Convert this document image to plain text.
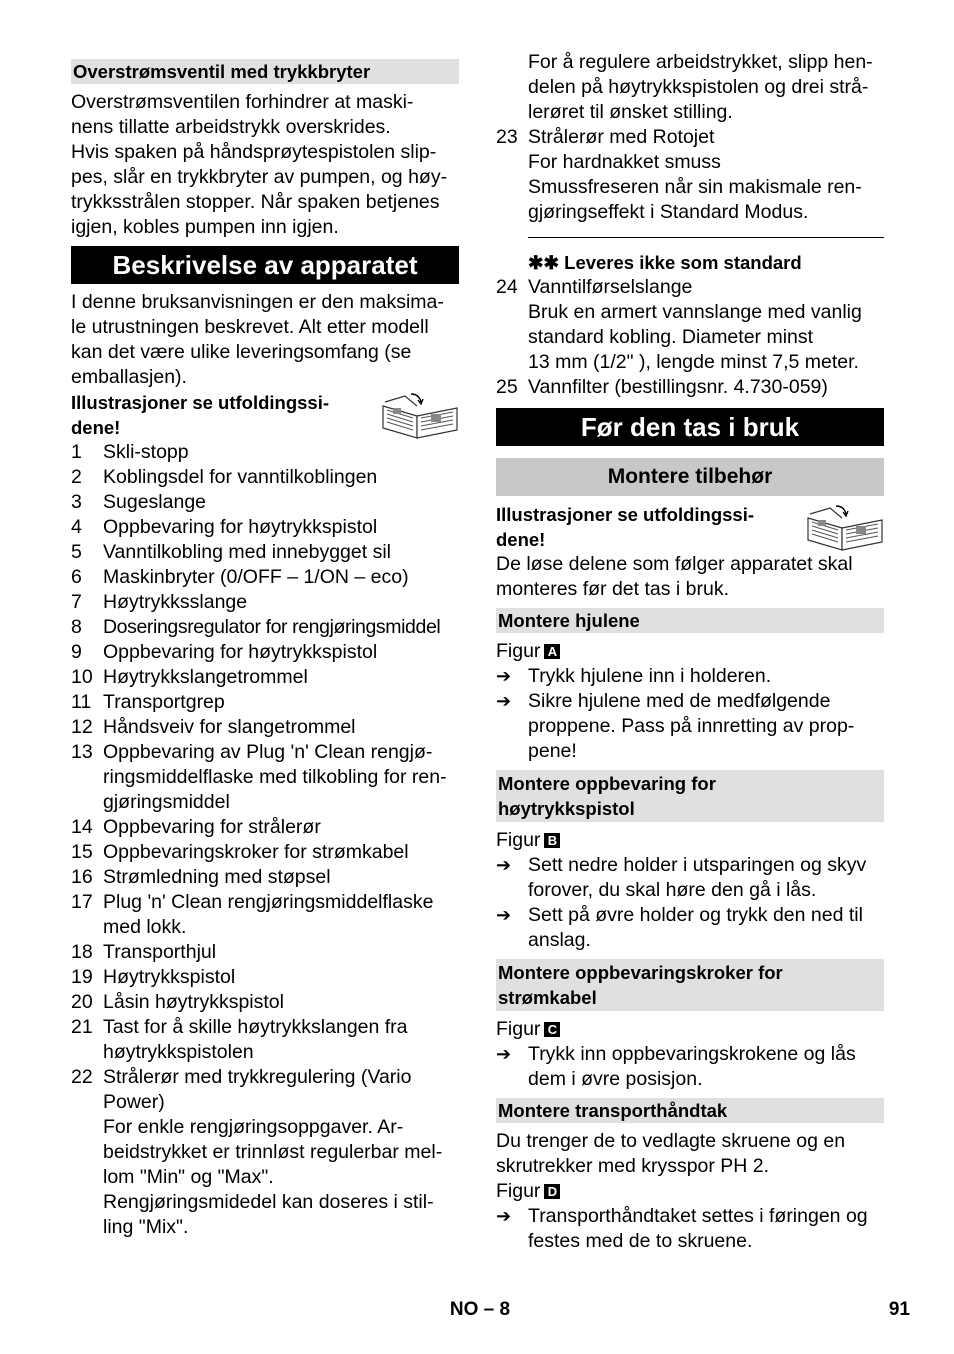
Overstrømsventil med trykkbryter

Overstrømsventilen forhindrer at maski-

nens tillatte arbeidstrykk overskrides.

Hvis spaken på håndsprøytespistolen slip-

pes, slår en trykkbryter av pumpen, og høy-

trykksstrålen stopper. Når spaken betjenes

igjen, kobles pumpen inn igjen.

Beskrivelse av apparatet

I denne bruksanvisningen er den maksima-

le utrustningen beskrevet. Alt etter modell

kan det være ulike leveringsomfang (se

emballasjen).

Illustrasjoner se utfoldingssi-

dene!

1	Skli-stopp

2	Koblingsdel for vanntilkoblingen

3	Sugeslange

4	Oppbevaring for høytrykkspistol

5	Vanntilkobling med innebygget sil

6	Maskinbryter (0/OFF – 1/ON – eco)

7	Høytrykksslange

8	Doseringsregulator for rengjøringsmiddel

9	Oppbevaring for høytrykkspistol

10 Høytrykkslangetrommel

11 Transportgrep

12 Håndsveiv for slangetrommel

13 Oppbevaring av Plug 'n' Clean rengjø-

ringsmiddelflaske med tilkobling for ren-

gjøringsmiddel

14 Oppbevaring for strålerør

15 Oppbevaringskroker for strømkabel

16 Strømledning med støpsel

17 Plug 'n' Clean rengjøringsmiddelflaske

med lokk.

18 Transporthjul

19 Høytrykkspistol

20 Låsin høytrykkspistol

21 Tast for å skille høytrykkslangen fra

høytrykkspistolen

22 Strålerør med trykkregulering (Vario

Power)

For enkle rengjøringsoppgaver. Ar-

beidstrykket er trinnløst regulerbar mel-

lom "Min" og "Max".

Rengjøringsmidedel kan doseres i stil-

ling "Mix".

For å regulere arbeidstrykket, slipp hen-

delen på høytrykkspistolen og drei strå-

lerøret til ønsket stilling.

23 Strålerør med Rotojet

For hardnakket smuss

Smussfreseren når sin makismale ren-

gjøringseffekt i Standard Modus.

✱✱ Leveres ikke som standard
24 Vanntilførselslange

Bruk en armert vannslange med vanlig

standard kobling. Diameter minst

13 mm (1/2" ), lengde minst 7,5 meter.

25 Vannfilter (bestillingsnr. 4.730-059)

Før den tas i bruk
Montere tilbehør

Illustrasjoner se utfoldingssi-

dene!

De løse delene som følger apparatet skal

monteres før det tas i bruk.

Montere hjulene

Figur A

➔ Trykk hjulene inn i holderen.

➔ Sikre hjulene med de medfølgende

proppene. Pass på innretting av prop-

pene!

Montere oppbevaring for

høytrykkspistol

Figur B

➔ Sett nedre holder i utsparingen og skyv

forover, du skal høre den gå i lås.

➔ Sett på øvre holder og trykk den ned til

anslag.

Montere oppbevaringskroker for

strømkabel

Figur C

➔ Trykk inn oppbevaringskrokene og lås

dem i øvre posisjon.

Montere transporthåndtak

Du trenger de to vedlagte skruene og en

skrutrekker med krysspor PH 2.

Figur D

➔ Transporthåndtaket settes i føringen og

festes med de to skruene.

NO – 8	91
